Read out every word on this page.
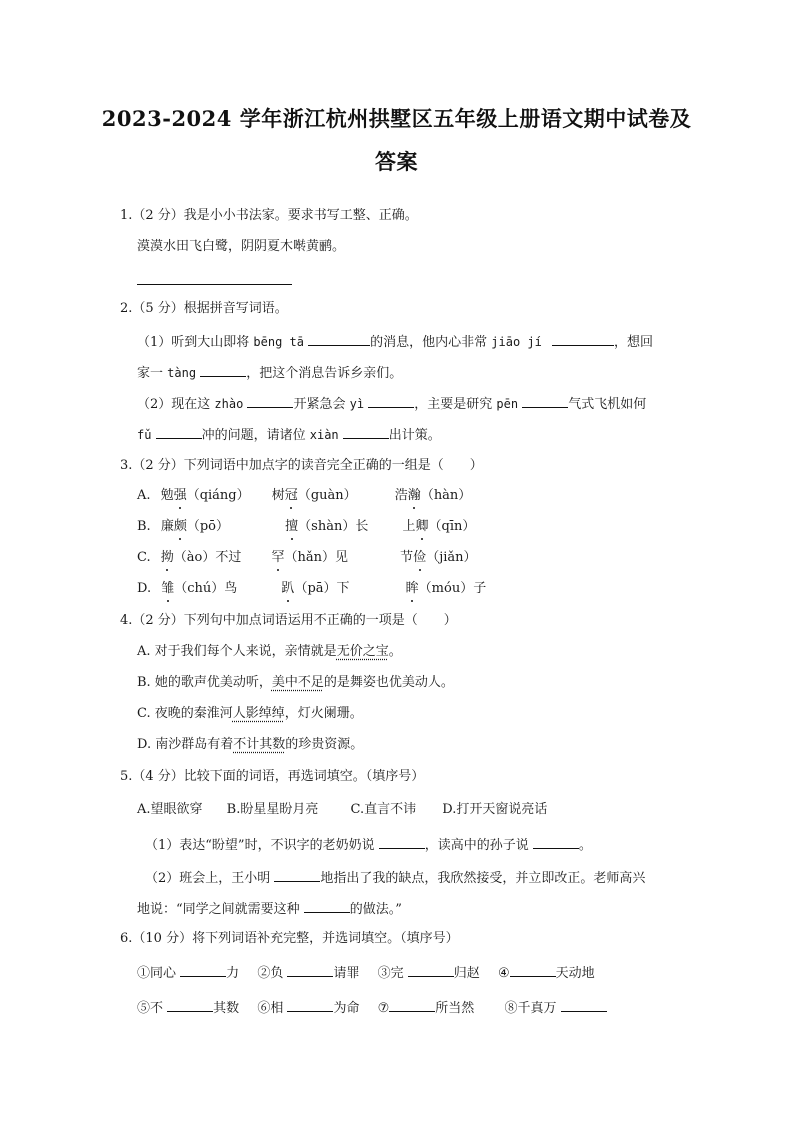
2023-2024 学年浙江杭州拱墅区五年级上册语文期中试卷及
答案
1.（2 分）我是小小书法家。要求书写工整、正确。
漠漠水田飞白鹭，阴阴夏木啭黄鹂。
2.（5 分）根据拼音写词语。
（1）听到大山即将 bēng tā	的消息，他内心非常 jiāo jí	，想回
家一 tàng	，把这个消息告诉乡亲们。
（2）现在这 zhào	开紧急会 yì	，主要是研究 pēn	气式飞机如何
fǔ	冲的问题，请诸位 xiàn	出计策。
3.（2 分）下列词语中加点字的读音完全正确的一组是（　　）
A. 勉强（qiáng） 树冠（guàn）	浩瀚（hàn）
B. 廉颇（pō）	擅（shàn）长	上卿（qīn）
C. 拗（ào）不过 罕（hǎn）见	节俭（jiǎn）
D. 雏（chú）鸟	趴（pā）下	眸（móu）子
4.（2 分）下列句中加点词语运用不正确的一项是（　　）
A. 对于我们每个人来说，亲情就是无价之宝。
B. 她的歌声优美动听，美中不足的是舞姿也优美动人。
C. 夜晚的秦淮河人影绰绰，灯火阑珊。
D. 南沙群岛有着不计其数的珍贵资源。
5.（4 分）比较下面的词语，再选词填空。（填序号）
A.望眼欲穿 B.盼星星盼月亮 C.直言不讳 D.打开天窗说亮话
（1）表达“盼望”时，不识字的老奶奶说	，读高中的孙子说	。
（2）班会上，王小明	地指出了我的缺点，我欣然接受，并立即改正。老师高兴
地说：“同学之间就需要这种	的做法。”
6.（10 分）将下列词语补充完整，并选词填空。（填序号）
①同心	力 ②负	请罪 ③完	归赵 ④	天动地
⑤不	其数 ⑥相	为命 ⑦	所当然 ⑧千真万
